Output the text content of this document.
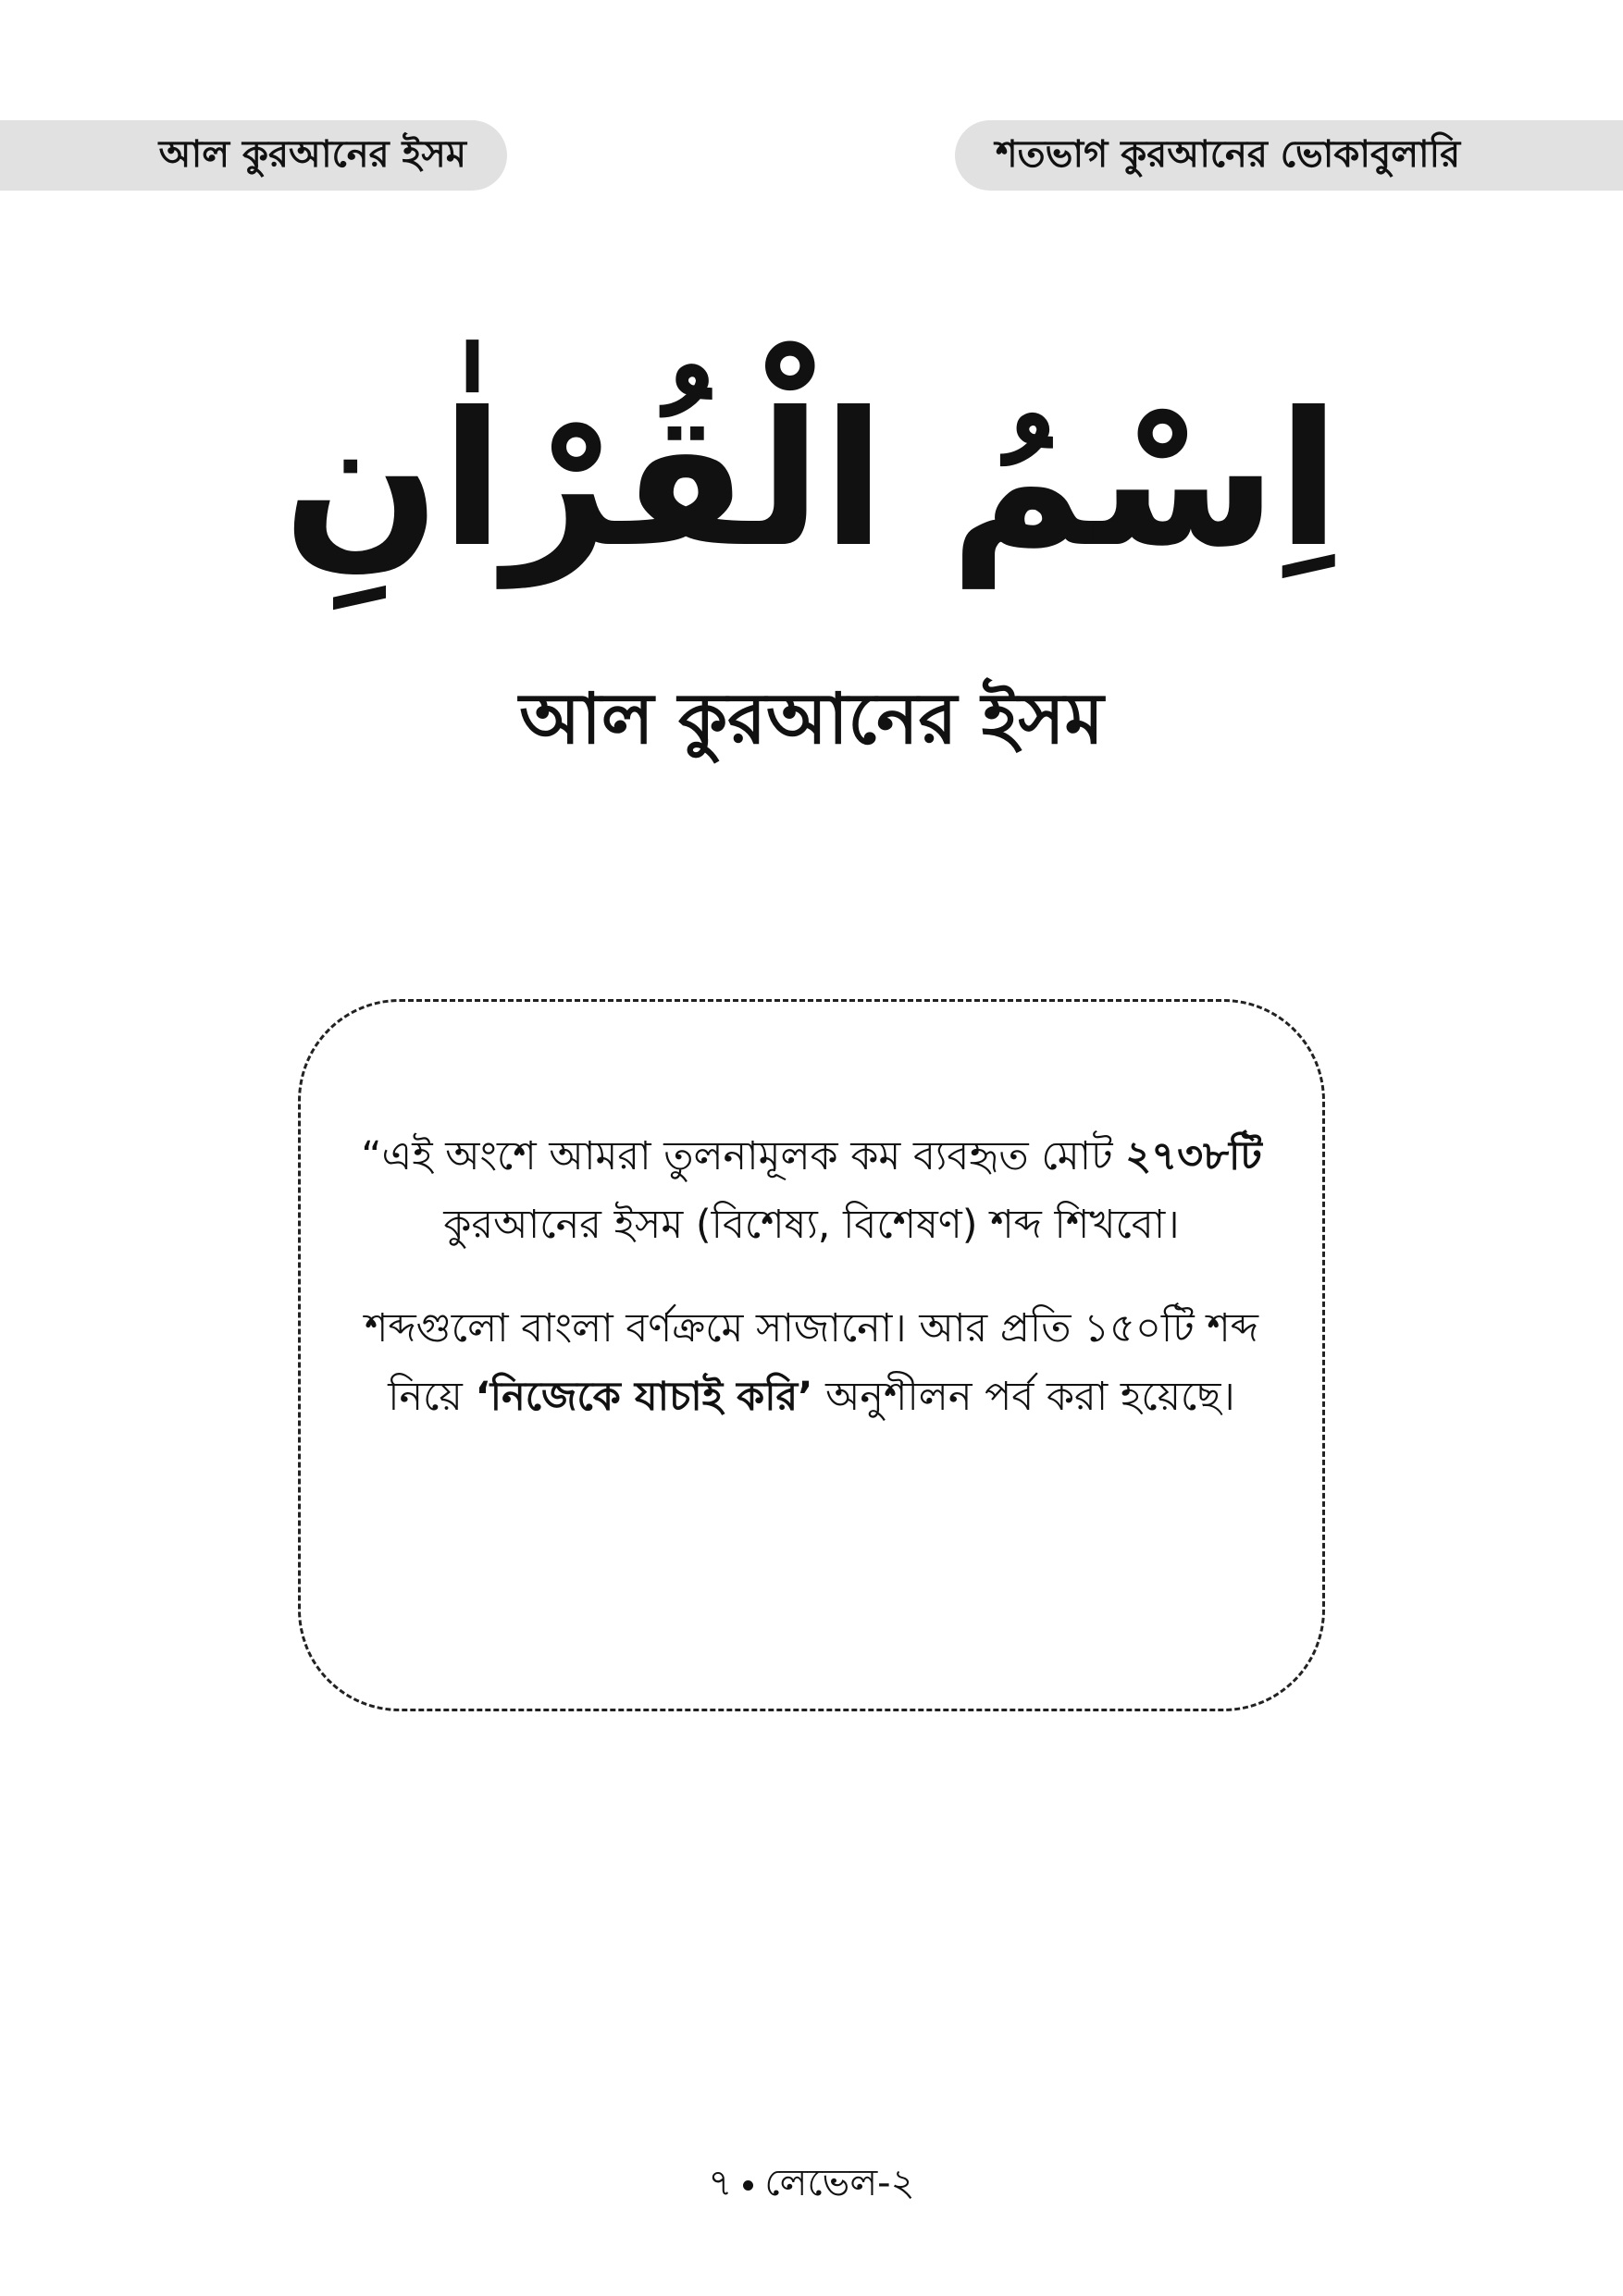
আল কুরআনের ইসম	শতভাগ কুরআনের ভোকাবুলারি
اِسْمُ الْقُرْاٰنِ
আল কুরআনের ইসম

“এই অংশে আমরা তুলনামূলক কম ব্যবহৃত মোট ২৭৩৮টি কুরআনের ইসম (বিশেষ্য, বিশেষণ) শব্দ শিখবো।

শব্দগুলো বাংলা বর্ণক্রমে সাজানো। আর প্রতি ১৫০টি শব্দ নিয়ে ‘নিজেকে যাচাই করি’ অনুশীলন পর্ব করা হয়েছে।

৭ লেভেল-২
